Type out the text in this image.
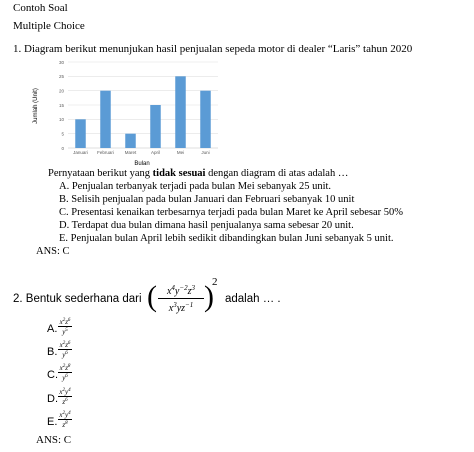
Contoh Soal
Multiple Choice
1. Diagram berikut menunjukan hasil penjualan sepeda motor di dealer “Laris” tahun 2020
0
5
10
15
20
25
30
Januari Februari Maret	April	Mei	Juni
Jumlah (Unit)
Bulan
Pernyataan berikut yang tidak sesuai dengan diagram di atas adalah …
A. Penjualan terbanyak terjadi pada bulan Mei sebanyak 25 unit.
B. Selisih penjualan pada bulan Januari dan Februari sebanyak 10 unit
C. Presentasi kenaikan terbesarnya terjadi pada bulan Maret ke April sebesar 50%
D. Terdapat dua bulan dimana hasil penjualanya sama sebesar 20 unit.
E. Penjualan bulan April lebih sedikit dibandingkan bulan Juni sebanyak 5 unit.
ANS: C
2. Bentuk sederhana dari ( $x^4y^{-2}z^3$
$x^3yz^{-1}$ )
2
adalah … .
A.
$x^2z^6$
$y^5$
B.
$x^2z^6$
$y^6$
C.
$x^2z^8$
$y^6$
D.
$x^2y^4$
$z^6$
E.
$x^2y^4$
$z^8$
ANS: C
